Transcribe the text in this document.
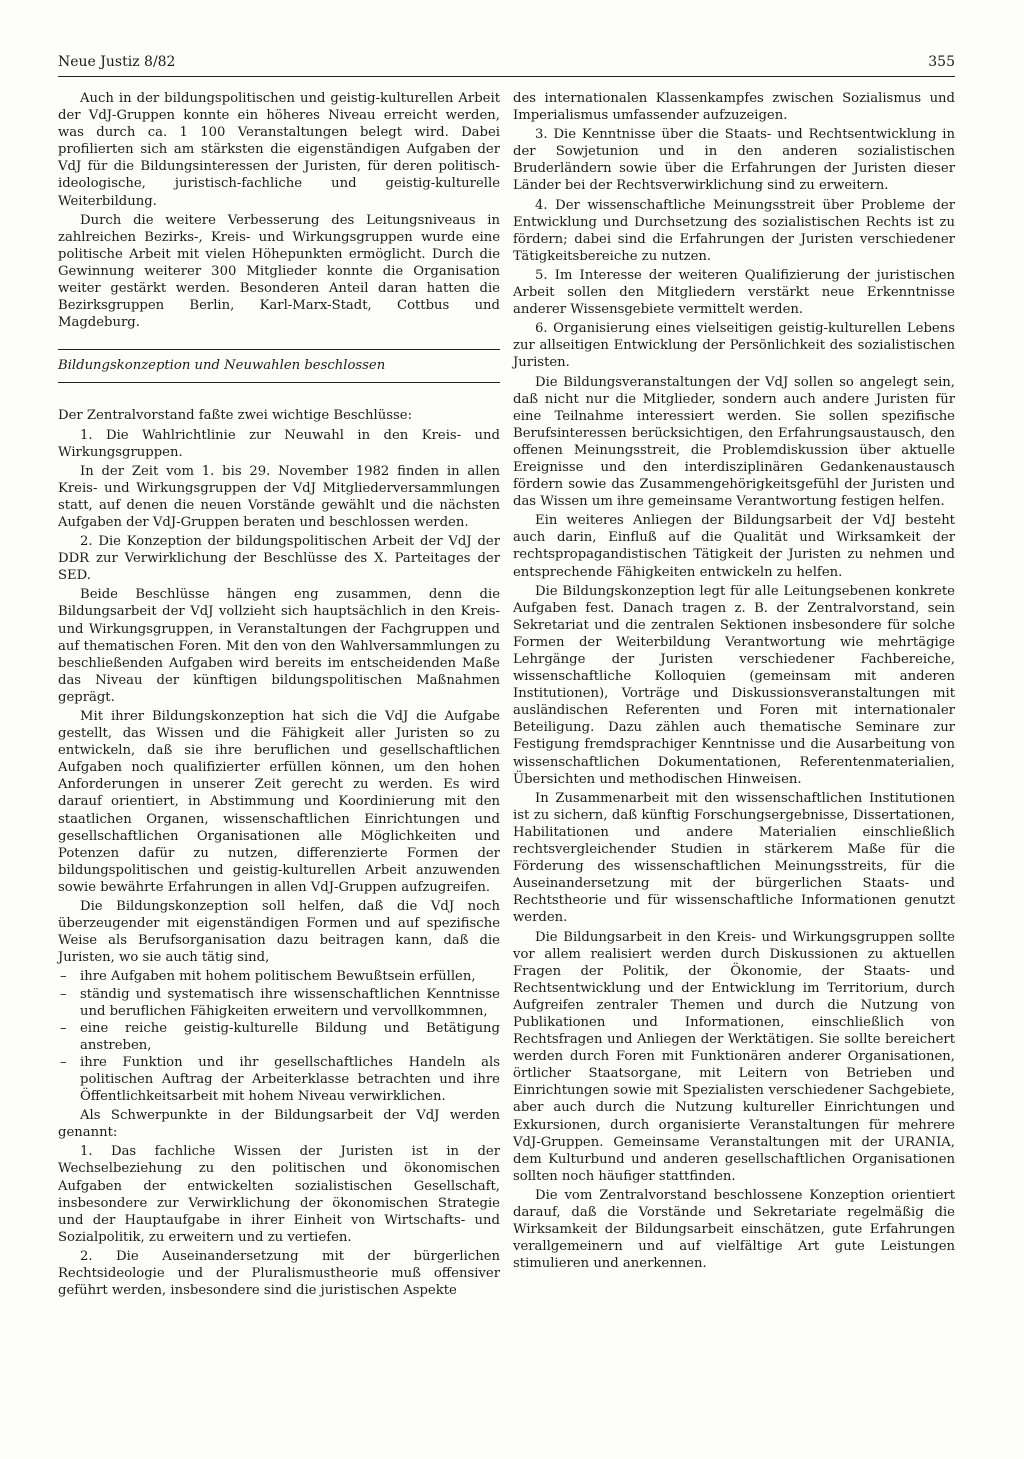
Neue Justiz 8/82	355

Auch in der bildungspolitischen und geistig-kulturellen Arbeit der VdJ-Gruppen konnte ein höheres Niveau erreicht werden, was durch ca. 1 100 Veranstaltungen belegt wird. Dabei profilierten sich am stärksten die eigenständigen Aufgaben der VdJ für die Bildungsinteressen der Juristen, für deren politisch-ideologische, juristisch-fachliche und geistig-kulturelle Weiterbildung.

Durch die weitere Verbesserung des Leitungsniveaus in zahlreichen Bezirks-, Kreis- und Wirkungsgruppen wurde eine politische Arbeit mit vielen Höhepunkten ermöglicht. Durch die Gewinnung weiterer 300 Mitglieder konnte die Organisation weiter gestärkt werden. Besonderen Anteil daran hatten die Bezirksgruppen Berlin, Karl-Marx-Stadt, Cottbus und Magdeburg.

Bildungskonzeption und Neuwahlen beschlossen

Der Zentralvorstand faßte zwei wichtige Beschlüsse:

1. Die Wahlrichtlinie zur Neuwahl in den Kreis- und Wirkungsgruppen.

In der Zeit vom 1. bis 29. November 1982 finden in allen Kreis- und Wirkungsgruppen der VdJ Mitgliederversammlungen statt, auf denen die neuen Vorstände gewählt und die nächsten Aufgaben der VdJ-Gruppen beraten und beschlossen werden.

2. Die Konzeption der bildungspolitischen Arbeit der VdJ der DDR zur Verwirklichung der Beschlüsse des X. Parteitages der SED.

Beide Beschlüsse hängen eng zusammen, denn die Bildungsarbeit der VdJ vollzieht sich hauptsächlich in den Kreis- und Wirkungsgruppen, in Veranstaltungen der Fachgruppen und auf thematischen Foren. Mit den von den Wahlversammlungen zu beschließenden Aufgaben wird bereits im entscheidenden Maße das Niveau der künftigen bildungspolitischen Maßnahmen geprägt.

Mit ihrer Bildungskonzeption hat sich die VdJ die Aufgabe gestellt, das Wissen und die Fähigkeit aller Juristen so zu entwickeln, daß sie ihre beruflichen und gesellschaftlichen Aufgaben noch qualifizierter erfüllen können, um den hohen Anforderungen in unserer Zeit gerecht zu werden. Es wird darauf orientiert, in Abstimmung und Koordinierung mit den staatlichen Organen, wissenschaftlichen Einrichtungen und gesellschaftlichen Organisationen alle Möglichkeiten und Potenzen dafür zu nutzen, differenzierte Formen der bildungspolitischen und geistig-kulturellen Arbeit anzuwenden sowie bewährte Erfahrungen in allen VdJ-Gruppen aufzugreifen.

Die Bildungskonzeption soll helfen, daß die VdJ noch überzeugender mit eigenständigen Formen und auf spezifische Weise als Berufsorganisation dazu beitragen kann, daß die Juristen, wo sie auch tätig sind,

– ihre Aufgaben mit hohem politischem Bewußtsein erfüllen,
– ständig und systematisch ihre wissenschaftlichen Kenntnisse und beruflichen Fähigkeiten erweitern und vervollkommnen,
– eine reiche geistig-kulturelle Bildung und Betätigung anstreben,
– ihre Funktion und ihr gesellschaftliches Handeln als politischen Auftrag der Arbeiterklasse betrachten und ihre Öffentlichkeitsarbeit mit hohem Niveau verwirklichen.

Als Schwerpunkte in der Bildungsarbeit der VdJ werden genannt:

1. Das fachliche Wissen der Juristen ist in der Wechselbeziehung zu den politischen und ökonomischen Aufgaben der entwickelten sozialistischen Gesellschaft, insbesondere zur Verwirklichung der ökonomischen Strategie und der Hauptaufgabe in ihrer Einheit von Wirtschafts- und Sozialpolitik, zu erweitern und zu vertiefen.

2. Die Auseinandersetzung mit der bürgerlichen Rechtsideologie und der Pluralismustheorie muß offensiver geführt werden, insbesondere sind die juristischen Aspekte

des internationalen Klassenkampfes zwischen Sozialismus und Imperialismus umfassender aufzuzeigen.

3. Die Kenntnisse über die Staats- und Rechtsentwicklung in der Sowjetunion und in den anderen sozialistischen Bruderländern sowie über die Erfahrungen der Juristen dieser Länder bei der Rechtsverwirklichung sind zu erweitern.

4. Der wissenschaftliche Meinungsstreit über Probleme der Entwicklung und Durchsetzung des sozialistischen Rechts ist zu fördern; dabei sind die Erfahrungen der Juristen verschiedener Tätigkeitsbereiche zu nutzen.

5. Im Interesse der weiteren Qualifizierung der juristischen Arbeit sollen den Mitgliedern verstärkt neue Erkenntnisse anderer Wissensgebiete vermittelt werden.

6. Organisierung eines vielseitigen geistig-kulturellen Lebens zur allseitigen Entwicklung der Persönlichkeit des sozialistischen Juristen.

Die Bildungsveranstaltungen der VdJ sollen so angelegt sein, daß nicht nur die Mitglieder, sondern auch andere Juristen für eine Teilnahme interessiert werden. Sie sollen spezifische Berufsinteressen berücksichtigen, den Erfahrungsaustausch, den offenen Meinungsstreit, die Problemdiskussion über aktuelle Ereignisse und den interdisziplinären Gedankenaustausch fördern sowie das Zusammengehörigkeitsgefühl der Juristen und das Wissen um ihre gemeinsame Verantwortung festigen helfen.

Ein weiteres Anliegen der Bildungsarbeit der VdJ besteht auch darin, Einfluß auf die Qualität und Wirksamkeit der rechtspropagandistischen Tätigkeit der Juristen zu nehmen und entsprechende Fähigkeiten entwickeln zu helfen.

Die Bildungskonzeption legt für alle Leitungsebenen konkrete Aufgaben fest. Danach tragen z. B. der Zentralvorstand, sein Sekretariat und die zentralen Sektionen insbesondere für solche Formen der Weiterbildung Verantwortung wie mehrtägige Lehrgänge der Juristen verschiedener Fachbereiche, wissenschaftliche Kolloquien (gemeinsam mit anderen Institutionen), Vorträge und Diskussionsveranstaltungen mit ausländischen Referenten und Foren mit internationaler Beteiligung. Dazu zählen auch thematische Seminare zur Festigung fremdsprachiger Kenntnisse und die Ausarbeitung von wissenschaftlichen Dokumentationen, Referentenmaterialien, Übersichten und methodischen Hinweisen.

In Zusammenarbeit mit den wissenschaftlichen Institutionen ist zu sichern, daß künftig Forschungsergebnisse, Dissertationen, Habilitationen und andere Materialien einschließlich rechtsvergleichender Studien in stärkerem Maße für die Förderung des wissenschaftlichen Meinungsstreits, für die Auseinandersetzung mit der bürgerlichen Staats- und Rechtstheorie und für wissenschaftliche Informationen genutzt werden.

Die Bildungsarbeit in den Kreis- und Wirkungsgruppen sollte vor allem realisiert werden durch Diskussionen zu aktuellen Fragen der Politik, der Ökonomie, der Staats- und Rechtsentwicklung und der Entwicklung im Territorium, durch Aufgreifen zentraler Themen und durch die Nutzung von Publikationen und Informationen, einschließlich von Rechtsfragen und Anliegen der Werktätigen. Sie sollte bereichert werden durch Foren mit Funktionären anderer Organisationen, örtlicher Staatsorgane, mit Leitern von Betrieben und Einrichtungen sowie mit Spezialisten verschiedener Sachgebiete, aber auch durch die Nutzung kultureller Einrichtungen und Exkursionen, durch organisierte Veranstaltungen für mehrere VdJ-Gruppen. Gemeinsame Veranstaltungen mit der URANIA, dem Kulturbund und anderen gesellschaftlichen Organisationen sollten noch häufiger stattfinden.

Die vom Zentralvorstand beschlossene Konzeption orientiert darauf, daß die Vorstände und Sekretariate regelmäßig die Wirksamkeit der Bildungsarbeit einschätzen, gute Erfahrungen verallgemeinern und auf vielfältige Art gute Leistungen stimulieren und anerkennen.
